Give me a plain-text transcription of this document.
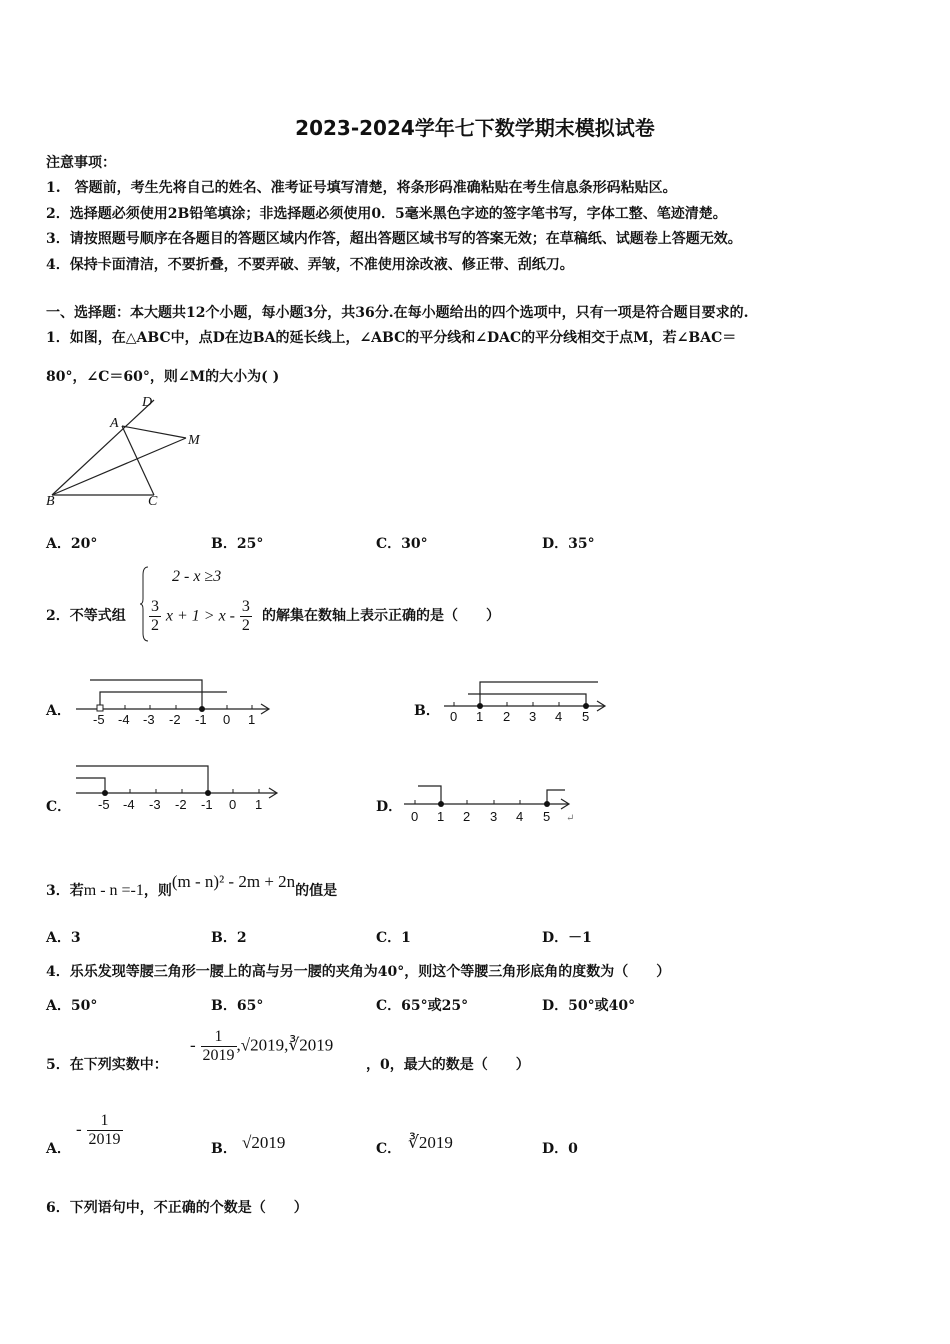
2023-2024学年七下数学期末模拟试卷
注意事项：
1.　答题前，考生先将自己的姓名、准考证号填写清楚，将条形码准确粘贴在考生信息条形码粘贴区。
2．选择题必须使用2B铅笔填涂；非选择题必须使用0．5毫米黑色字迹的签字笔书写，字体工整、笔迹清楚。
3．请按照题号顺序在各题目的答题区域内作答，超出答题区域书写的答案无效；在草稿纸、试题卷上答题无效。
4．保持卡面清洁，不要折叠，不要弄破、弄皱，不准使用涂改液、修正带、刮纸刀。
一、选择题：本大题共12个小题，每小题3分，共36分.在每小题给出的四个选项中，只有一项是符合题目要求的.
1．如图，在△ABC中，点D在边BA的延长线上，∠ABC的平分线和∠DAC的平分线相交于点M，若∠BAC＝
80°，∠C＝60°，则∠M的大小为( )
D
A
M
B	C
A．20°	B．25°	C．30°	D．35°
2．不等式组
2 - x ≥3
$\frac{3}{2}$ $x + 1 > x - \frac{3}{2}$ 的解集在数轴上表示正确的是（　　）
A．
-5 -4 -3 -2 -1 0 1
B． 0 1 2 3 4 5
C． -5 -4 -3 -2 -1 0 1	D．
0 1 2 3 4 5 ↵
3．若m - n =-1，则(m - n)² - 2m + 2n的值是
A．3	B．2	C．1	D．－1
4．乐乐发现等腰三角形一腰上的高与另一腰的夹角为40°，则这个等腰三角形底角的度数为（　　）
A．50°	B．65°	C．65°或25°	D．50°或40°
5．在下列实数中：
- $\frac{1}{2019}$ ,√2019,∛2019
，0，最大的数是（　　）
A．
- $\frac{1}{2019}$	B． √2019	C． ∛2019	D．0
6．下列语句中，不正确的个数是（　　）
